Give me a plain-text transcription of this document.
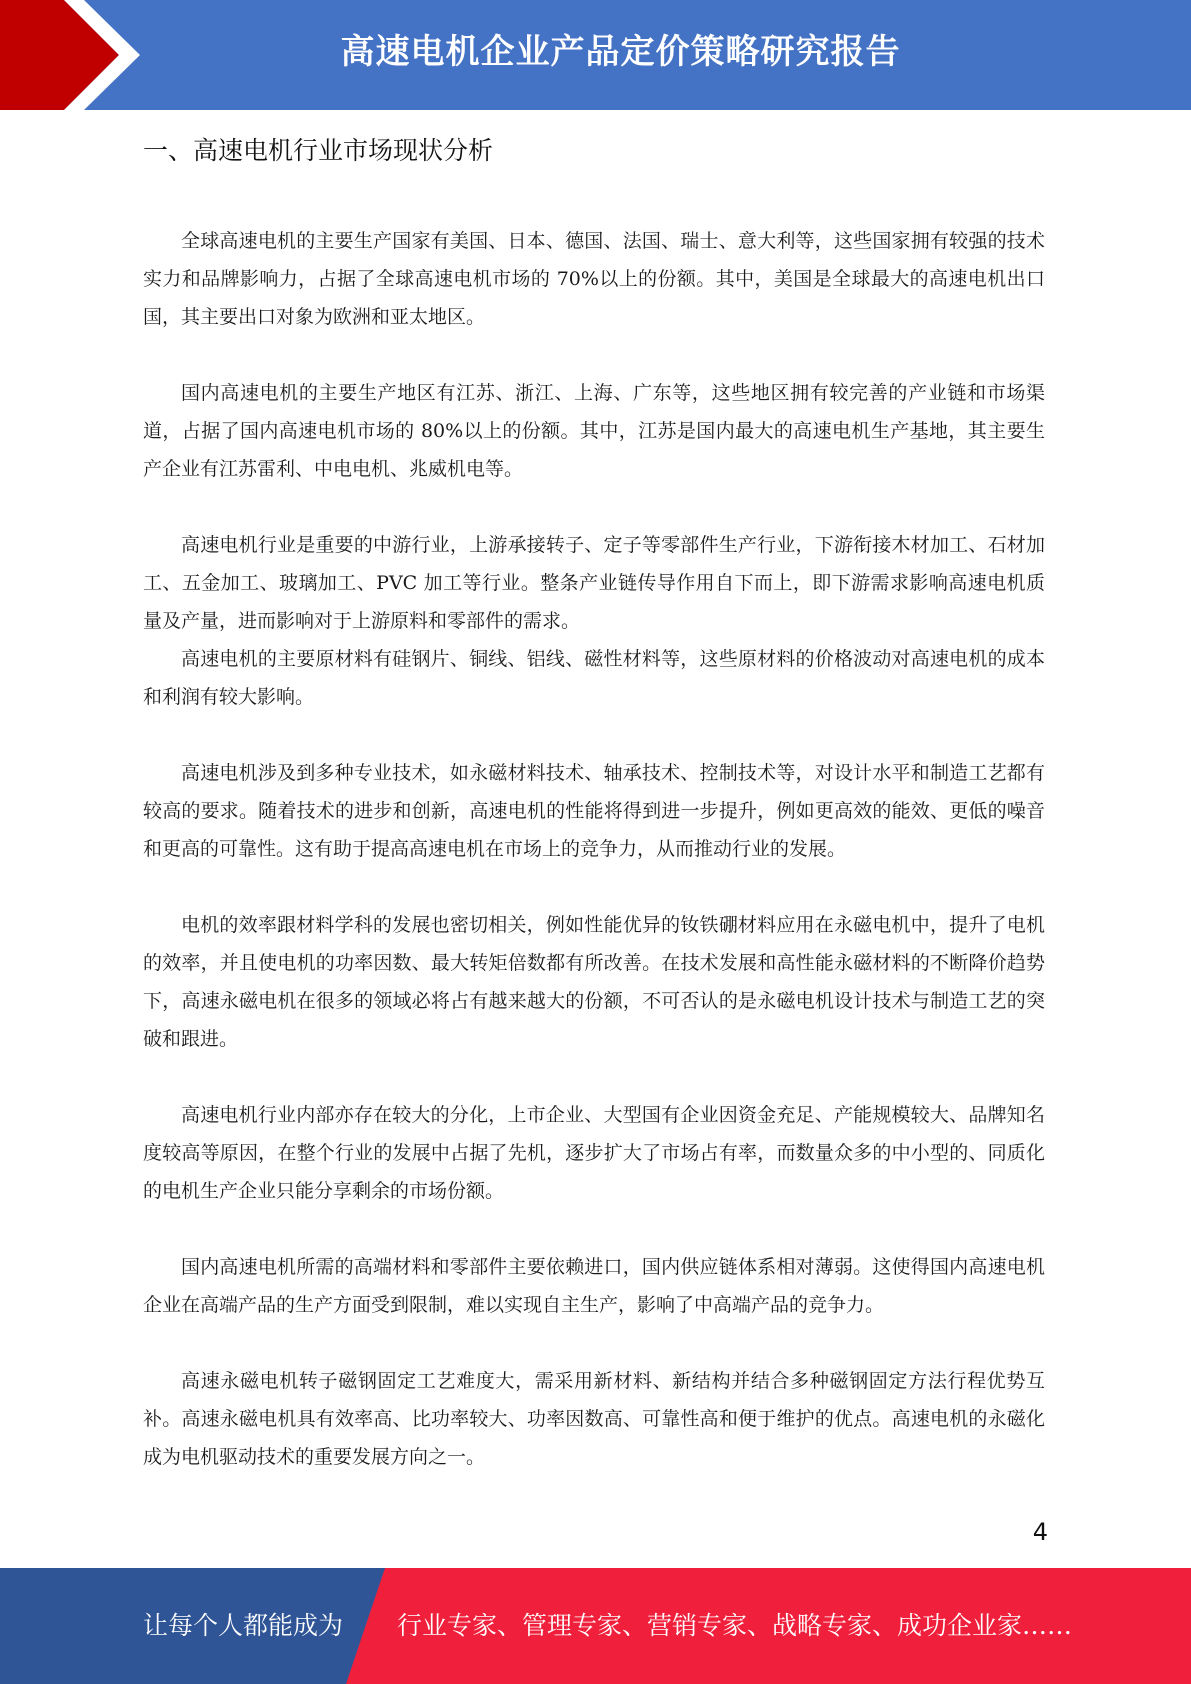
高速电机企业产品定价策略研究报告
一、高速电机行业市场现状分析

全球高速电机的主要生产国家有美国、日本、德国、法国、瑞士、意大利等，这些国家拥有较强的技术实力和品牌影响力，占据了全球高速电机市场的 70%以上的份额。其中，美国是全球最大的高速电机出口国，其主要出口对象为欧洲和亚太地区。

国内高速电机的主要生产地区有江苏、浙江、上海、广东等，这些地区拥有较完善的产业链和市场渠道，占据了国内高速电机市场的 80%以上的份额。其中，江苏是国内最大的高速电机生产基地，其主要生产企业有江苏雷利、中电电机、兆威机电等。

高速电机行业是重要的中游行业，上游承接转子、定子等零部件生产行业，下游衔接木材加工、石材加工、五金加工、玻璃加工、PVC 加工等行业。整条产业链传导作用自下而上，即下游需求影响高速电机质量及产量，进而影响对于上游原料和零部件的需求。

高速电机的主要原材料有硅钢片、铜线、铝线、磁性材料等，这些原材料的价格波动对高速电机的成本和利润有较大影响。

高速电机涉及到多种专业技术，如永磁材料技术、轴承技术、控制技术等，对设计水平和制造工艺都有较高的要求。随着技术的进步和创新，高速电机的性能将得到进一步提升，例如更高效的能效、更低的噪音和更高的可靠性。这有助于提高高速电机在市场上的竞争力，从而推动行业的发展。

电机的效率跟材料学科的发展也密切相关，例如性能优异的钕铁硼材料应用在永磁电机中，提升了电机的效率，并且使电机的功率因数、最大转矩倍数都有所改善。在技术发展和高性能永磁材料的不断降价趋势下，高速永磁电机在很多的领域必将占有越来越大的份额，不可否认的是永磁电机设计技术与制造工艺的突破和跟进。

高速电机行业内部亦存在较大的分化，上市企业、大型国有企业因资金充足、产能规模较大、品牌知名度较高等原因，在整个行业的发展中占据了先机，逐步扩大了市场占有率，而数量众多的中小型的、同质化的电机生产企业只能分享剩余的市场份额。

国内高速电机所需的高端材料和零部件主要依赖进口，国内供应链体系相对薄弱。这使得国内高速电机企业在高端产品的生产方面受到限制，难以实现自主生产，影响了中高端产品的竞争力。

高速永磁电机转子磁钢固定工艺难度大，需采用新材料、新结构并结合多种磁钢固定方法行程优势互补。高速永磁电机具有效率高、比功率较大、功率因数高、可靠性高和便于维护的优点。高速电机的永磁化成为电机驱动技术的重要发展方向之一。

4
让每个人都能成为 行业专家、管理专家、营销专家、战略专家、成功企业家……
